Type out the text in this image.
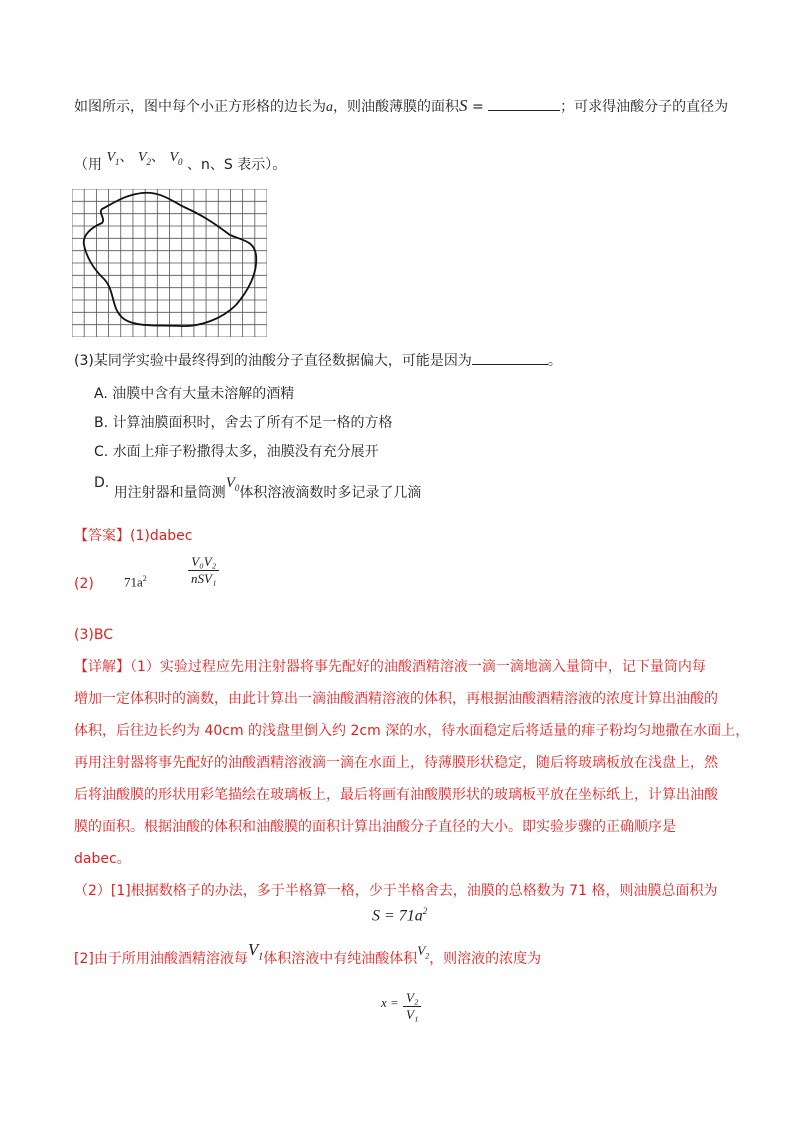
如图所示，图中每个小正方形格的边长为a，则油酸薄膜的面积S =	；可求得油酸分子的直径为
（用 $V_1$、 $V_2$、 $V_0$ 、n、S 表示）。
(3)某同学实验中最终得到的油酸分子直径数据偏大，可能是因为	。
A. 油膜中含有大量未溶解的酒精
B. 计算油膜面积时，舍去了所有不足一格的方格
C. 水面上痱子粉撒得太多，油膜没有充分展开
D. 用注射器和量筒测$V_0$体积溶液滴数时多记录了几滴
【答案】(1)dabec
(2) $71a^2$
V₀V₂
nSV₁
(3)BC
【详解】（1）实验过程应先用注射器将事先配好的油酸酒精溶液一滴一滴地滴入量筒中，记下量筒内每
增加一定体积时的滴数，由此计算出一滴油酸酒精溶液的体积，再根据油酸酒精溶液的浓度计算出油酸的
体积，后往边长约为 40cm 的浅盘里倒入约 2cm 深的水，待水面稳定后将适量的痱子粉均匀地撒在水面上，
再用注射器将事先配好的油酸酒精溶液滴一滴在水面上，待薄膜形状稳定，随后将玻璃板放在浅盘上，然
后将油酸膜的形状用彩笔描绘在玻璃板上，最后将画有油酸膜形状的玻璃板平放在坐标纸上，计算出油酸
膜的面积。根据油酸的体积和油酸膜的面积计算出油酸分子直径的大小。即实验步骤的正确顺序是
dabec。
（2）[1]根据数格子的办法，多于半格算一格，少于半格舍去，油膜的总格数为 71 格，则油膜总面积为
$S = 71a^2$
[2]由于所用油酸酒精溶液每$V_1$体积溶液中有纯油酸体积$V_2$，则溶液的浓度为
$x = \frac{\text{V₂}}{\text{V₁}}$
